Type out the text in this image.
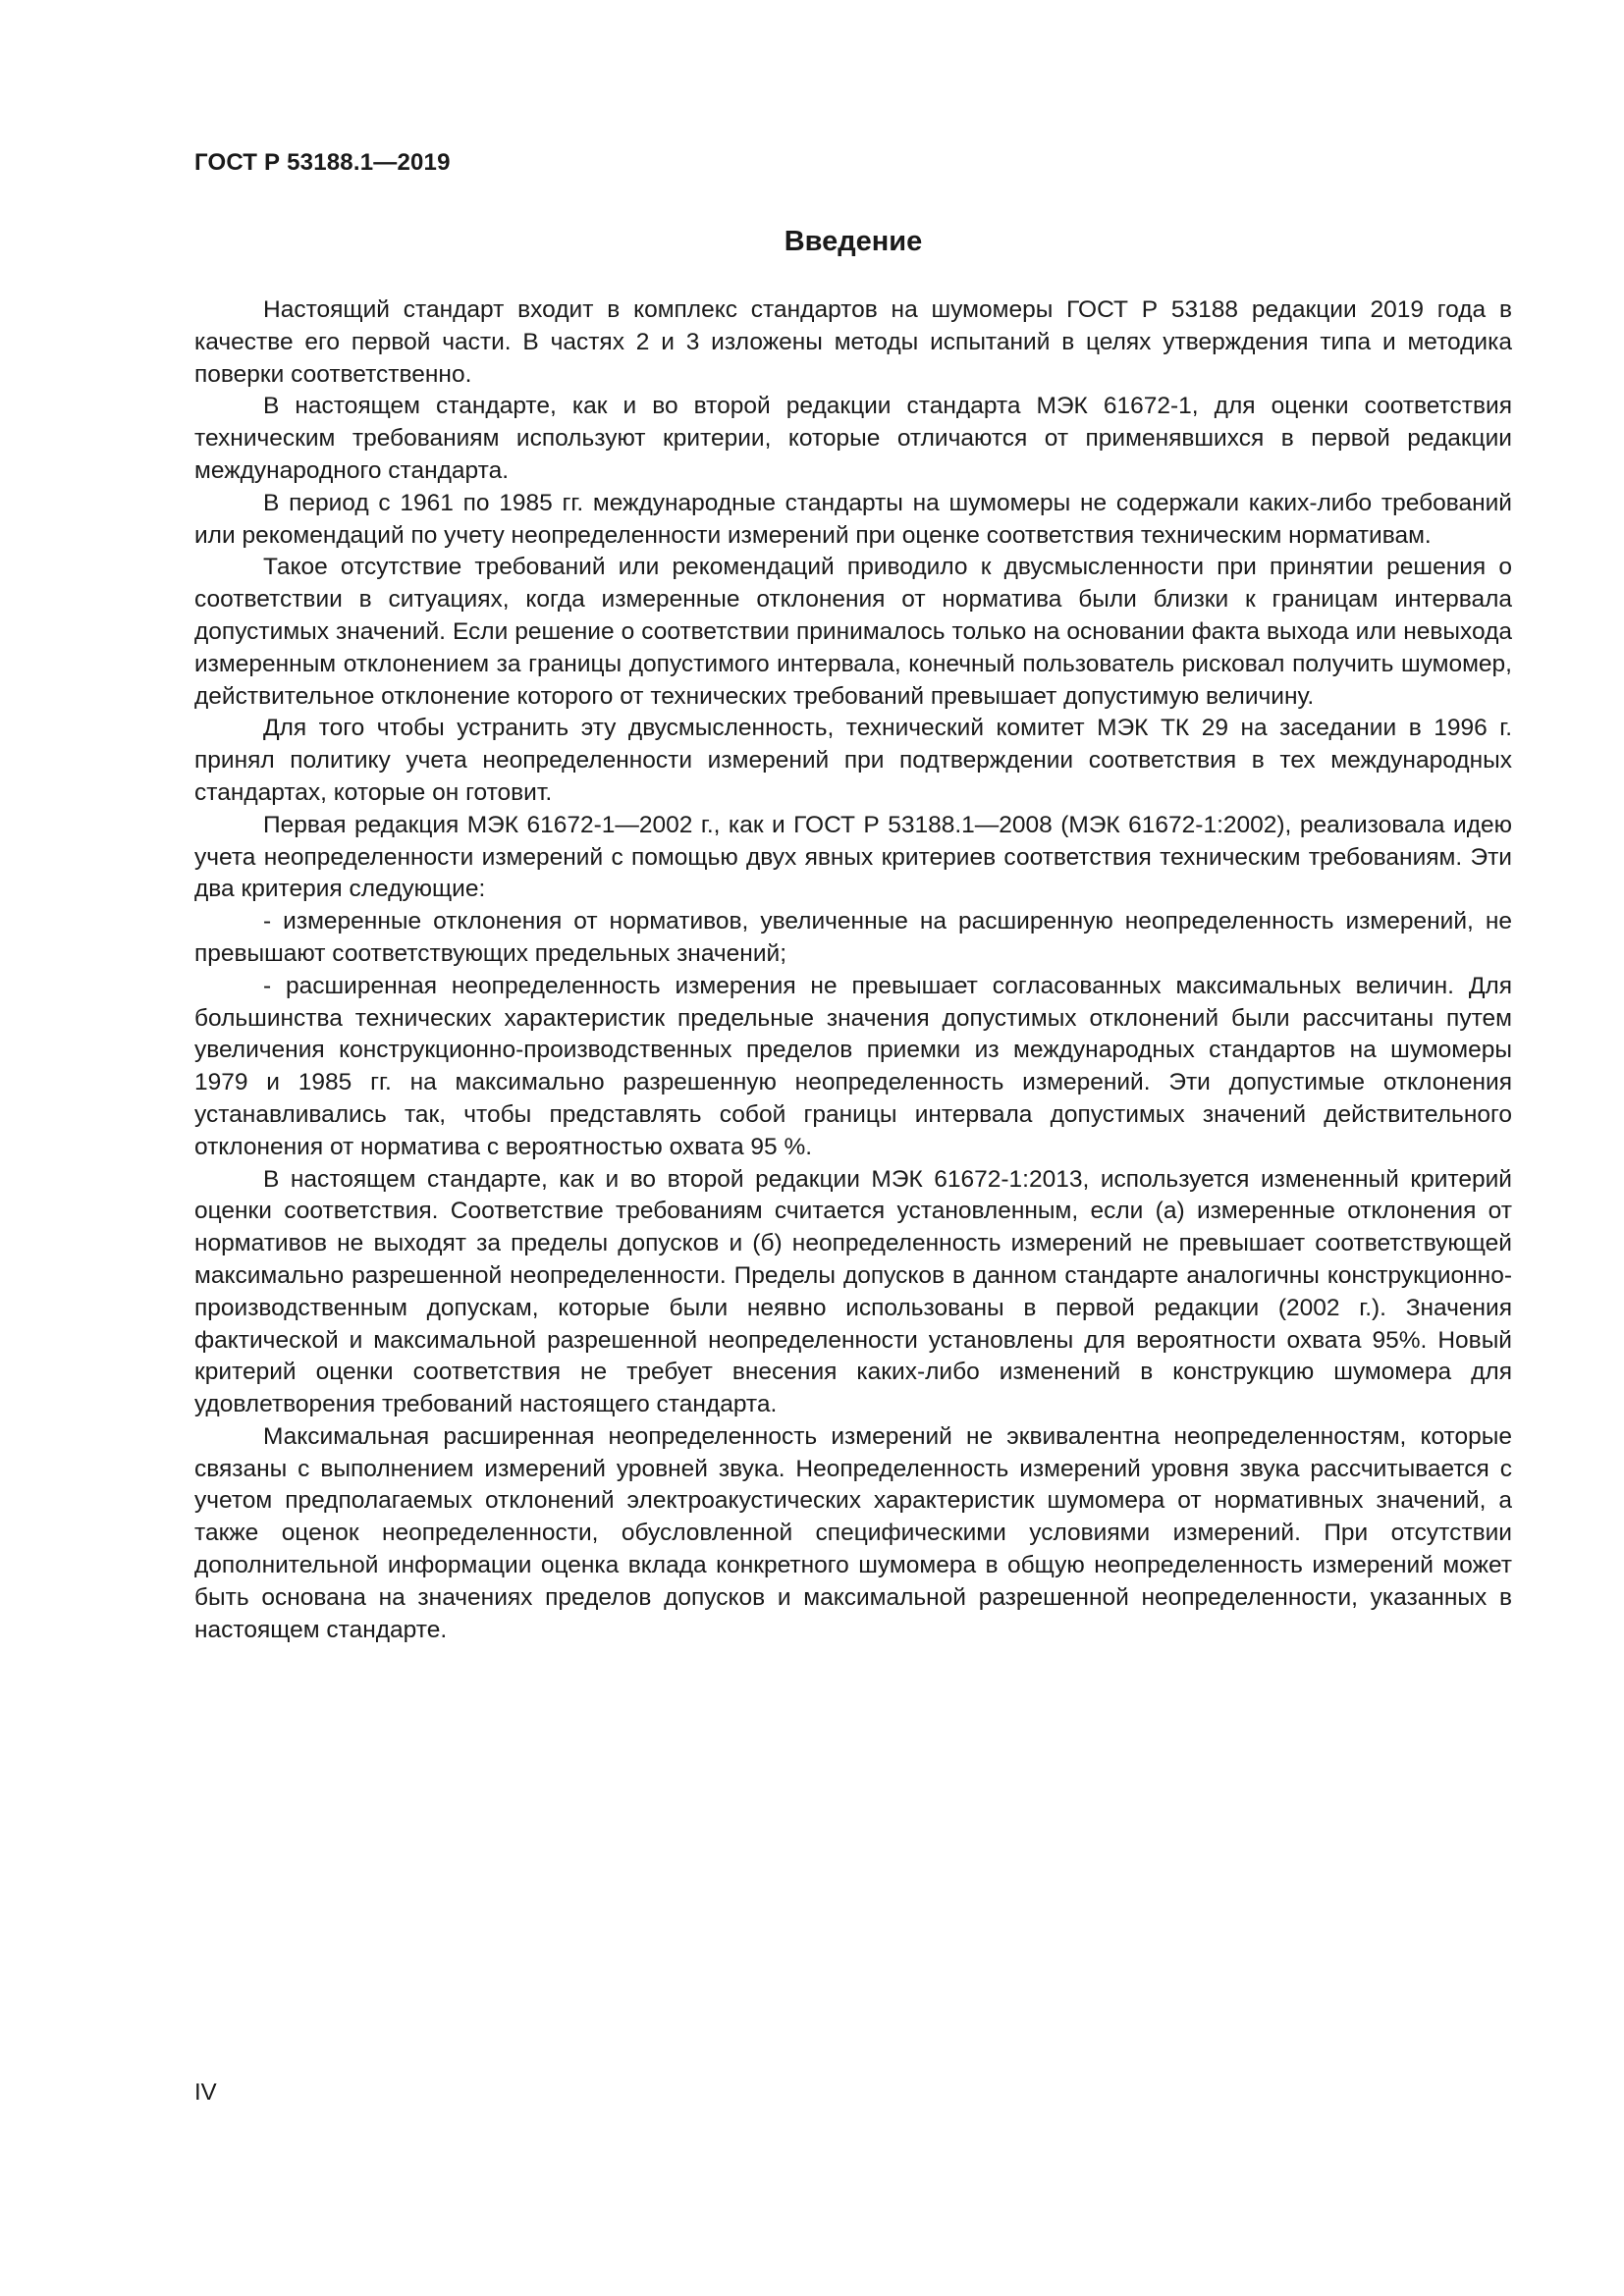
ГОСТ Р 53188.1—2019
Введение

Настоящий стандарт входит в комплекс стандартов на шумомеры ГОСТ Р 53188 редакции 2019 года в качестве его первой части. В частях 2 и 3 изложены методы испытаний в целях утверждения типа и методика поверки соответственно.

В настоящем стандарте, как и во второй редакции стандарта МЭК 61672-1, для оценки соответствия техническим требованиям используют критерии, которые отличаются от применявшихся в первой редакции международного стандарта.

В период с 1961 по 1985 гг. международные стандарты на шумомеры не содержали каких-либо требований или рекомендаций по учету неопределенности измерений при оценке соответствия техническим нормативам.

Такое отсутствие требований или рекомендаций приводило к двусмысленности при принятии решения о соответствии в ситуациях, когда измеренные отклонения от норматива были близки к границам интервала допустимых значений. Если решение о соответствии принималось только на основании факта выхода или невыхода измеренным отклонением за границы допустимого интервала, конечный пользователь рисковал получить шумомер, действительное отклонение которого от технических требований превышает допустимую величину.

Для того чтобы устранить эту двусмысленность, технический комитет МЭК ТК 29 на заседании в 1996 г. принял политику учета неопределенности измерений при подтверждении соответствия в тех международных стандартах, которые он готовит.

Первая редакция МЭК 61672-1—2002 г., как и ГОСТ Р 53188.1—2008 (МЭК 61672-1:2002), реализовала идею учета неопределенности измерений с помощью двух явных критериев соответствия техническим требованиям. Эти два критерия следующие:

- измеренные отклонения от нормативов, увеличенные на расширенную неопределенность измерений, не превышают соответствующих предельных значений;

- расширенная неопределенность измерения не превышает согласованных максимальных величин. Для большинства технических характеристик предельные значения допустимых отклонений были рассчитаны путем увеличения конструкционно-производственных пределов приемки из международных стандартов на шумомеры 1979 и 1985 гг. на максимально разрешенную неопределенность измерений. Эти допустимые отклонения устанавливались так, чтобы представлять собой границы интервала допустимых значений действительного отклонения от норматива с вероятностью охвата 95 %.

В настоящем стандарте, как и во второй редакции МЭК 61672-1:2013, используется измененный критерий оценки соответствия. Соответствие требованиям считается установленным, если (а) измеренные отклонения от нормативов не выходят за пределы допусков и (б) неопределенность измерений не превышает соответствующей максимально разрешенной неопределенности. Пределы допусков в данном стандарте аналогичны конструкционно-производственным допускам, которые были неявно использованы в первой редакции (2002 г.). Значения фактической и максимальной разрешенной неопределенности установлены для вероятности охвата 95%. Новый критерий оценки соответствия не требует внесения каких-либо изменений в конструкцию шумомера для удовлетворения требований настоящего стандарта.

Максимальная расширенная неопределенность измерений не эквивалентна неопределенностям, которые связаны с выполнением измерений уровней звука. Неопределенность измерений уровня звука рассчитывается с учетом предполагаемых отклонений электроакустических характеристик шумомера от нормативных значений, а также оценок неопределенности, обусловленной специфическими условиями измерений. При отсутствии дополнительной информации оценка вклада конкретного шумомера в общую неопределенность измерений может быть основана на значениях пределов допусков и максимальной разрешенной неопределенности, указанных в настоящем стандарте.

IV
